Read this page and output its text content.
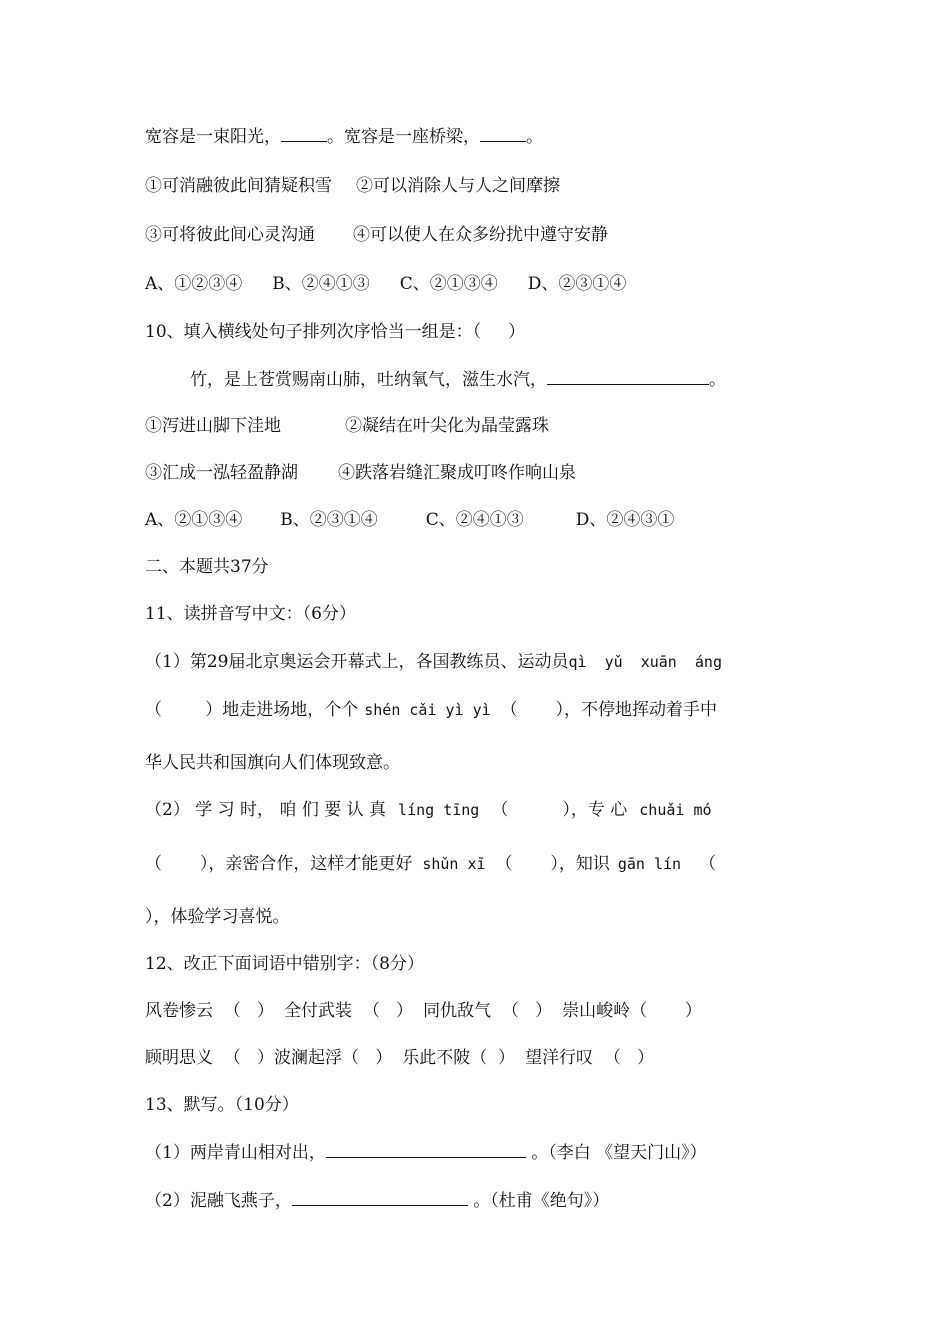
宽容是一束阳光，	。宽容是一座桥梁，	。
①可消融彼此间猜疑积雪 ②可以消除人与人之间摩擦
③可将彼此间心灵沟通 ④可以使人在众多纷扰中遵守安静
A、①②③④ B、②④①③ C、②①③④ D、②③①④
10、填入横线处句子排列次序恰当一组是：（     ）
竹，是上苍赏赐南山肺，吐纳氧气，滋生水汽，	。
①泻进山脚下洼地	②凝结在叶尖化为晶莹露珠
③汇成一泓轻盈静湖 ④跌落岩缝汇聚成叮咚作响山泉
A、②①③④ B、②③①④	C、②④①③	D、②④③①
二、本题共37分
11、读拼音写中文：（6分）
（1）第29届北京奥运会开幕式上，各国教练员、运动员qì  yǔ  xuān  áng
（        ）地走进场地，个个 shén cǎi yì yì （       ），不停地挥动着手中
华人民共和国旗向人们体现致意。
（2） 学 习 时， 咱 们 要 认 真 líng tīng （          ），专 心 chuǎi mó
（       ），亲密合作，这样才能更好 shǔn xī （       ），知识 gān lín （
），体验学习喜悦。
12、改正下面词语中错别字：（8分）
风卷惨云  （   ） 全付武装  （   ） 同仇敌气  （   ） 崇山峻岭（       ）
顾明思义  （   ）波澜起浮（   ） 乐此不陂（  ） 望洋行叹  （   ）
13、默写。（10分）
（1）两岸青山相对出，	。（李白 《望天门山》）
（2）泥融飞燕子，	。（杜甫《绝句》）
